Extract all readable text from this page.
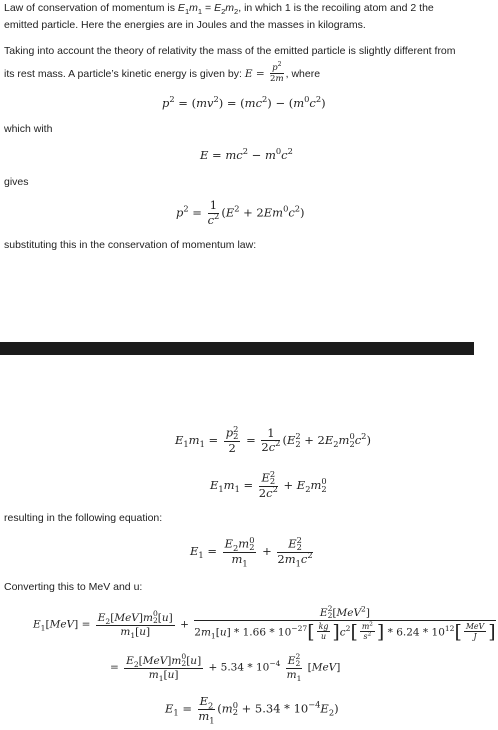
Law of conservation of momentum is $E_1m_1 = E_2m_2$, in which 1 is the recoiling atom and 2 the
emitted particle. Here the energies are in Joules and the masses in kilograms.
Taking into account the theory of relativity the mass of the emitted particle is slightly different from
its rest mass. A particle’s kinetic energy is given by: $E = \frac{p^2}{2m}$ , where
$p^2 = (mv^2) = (mc^2) - (m^0c^2)$
which with
$E = mc^2 - m^0c^2$
gives
$p^2 = \frac{1}{c^2} (E^2 + 2Em^0c^2)$
substituting this in the conservation of momentum law:
$E_1m_1$ =
p2
2
2
= $\frac{1}{2c^2} (E2$
$2 + 2E_2m0$
$2c^2$)
$E_1m_1$ =
E2
2
$2c^2 + E_2m0$
2
resulting in the following equation:
$E_1$ =
$E_2m0$
2
$m_1$
+
E2
2
$2m_1c^2$
Converting this to MeV and u:
$E_1[MeV]$ =
$E_2[MeV]m0$
2[u]
$m_1[u]$
+
E2
2[MeV$^2$]
$2m_1[u] * 1.66 * 10^{-27}[ \frac{kg}{u} ]c^2[ \frac{m^2}{s^2}$ ] * $6.24 * 10^{12}[ \frac{\text{MeV}}{J}$ ]
=
$E_2[MeV]m0$
2[u]
$m_1[u]$
+ $5.34 * 10^{-4}$ E2
2
$m_1$
[MeV]
$E_1 = \frac{E_2}{m_1} (m0$
$2 + 5.34 * 10^{-4}E_2$)
